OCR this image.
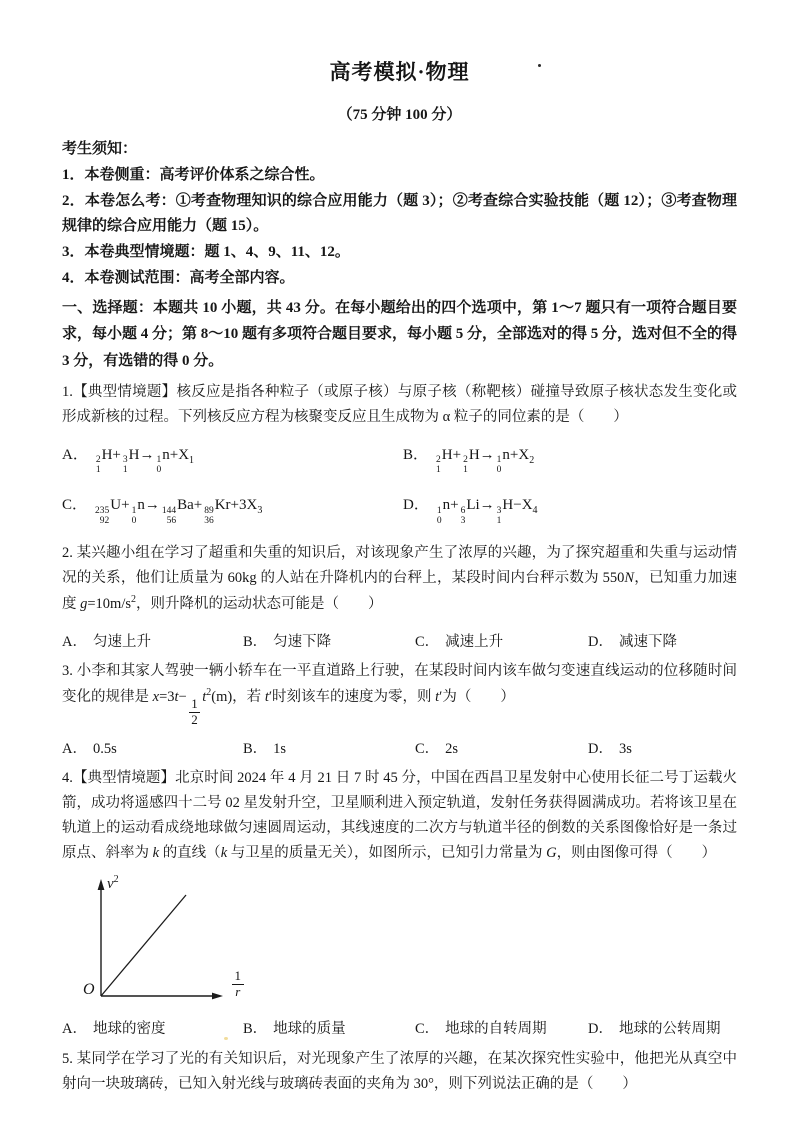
高考模拟·物理
（75 分钟 100 分）
考生须知：
1．本卷侧重：高考评价体系之综合性。
2．本卷怎么考：①考查物理知识的综合应用能力（题 3）；②考查综合实验技能（题 12）；③考查物理规律的综合应用能力（题 15）。
3．本卷典型情境题：题 1、4、9、11、12。
4．本卷测试范围：高考全部内容。

一、选择题：本题共 10 小题，共 43 分。在每小题给出的四个选项中，第 1～7 题只有一项符合题目要求，每小题 4 分；第 8～10 题有多项符合题目要求，每小题 5 分，全部选对的得 5 分，选对但不全的得 3 分，有选错的得 0 分。

1.【典型情境题】核反应是指各种粒子（或原子核）与原子核（称靶核）碰撞导致原子核状态发生变化或形成新核的过程。下列核反应方程为核聚变反应且生成物为 α 粒子的同位素的是（　　）

A． 2
1
H+ 3
1
H→ 1
0
$n+X_1$	B． 2
1
H+ 2
1
H→ 1
0
$n+X_2$
C． 235
92
U+ 1
0
n→ 144
56
Ba+ 89
36
$Kr+3X_3$	D． 1
0
n+ 6
3
Li→ 3
1
$H-X_4$

2. 某兴趣小组在学习了超重和失重的知识后，对该现象产生了浓厚的兴趣，为了探究超重和失重与运动情况的关系，他们让质量为 60kg 的人站在升降机内的台秤上，某段时间内台秤示数为 550N，已知重力加速度 $g=10m/s^2$，则升降机的运动状态可能是（　　）

A． 匀速上升	B． 匀速下降	C． 减速上升	D． 减速下降

3. 小李和其家人驾驶一辆小轿车在一平直道路上行驶，在某段时间内该车做匀变速直线运动的位移随时间变化的规律是 x=3t−
$\frac{1}{2}$
$t^2(m)$，若 t′时刻该车的速度为零，则 t′为（　　）

A． 0.5s	B． 1s	C． 2s	D． 3s

4.【典型情境题】北京时间 2024 年 4 月 21 日 7 时 45 分，中国在西昌卫星发射中心使用长征二号丁运载火箭，成功将遥感四十二号 02 星发射升空，卫星顺利进入预定轨道，发射任务获得圆满成功。若将该卫星在轨道上的运动看成绕地球做匀速圆周运动，其线速度的二次方与轨道半径的倒数的关系图像恰好是一条过原点、斜率为 k 的直线（k 与卫星的质量无关），如图所示，已知引力常量为 G，则由图像可得（　　）

$v^2$
$\frac{1}{r}$
O
A． 地球的密度	B． 地球的质量	C． 地球的自转周期	D． 地球的公转周期

5. 某同学在学习了光的有关知识后，对光现象产生了浓厚的兴趣，在某次探究性实验中，他把光从真空中射向一块玻璃砖，已知入射光线与玻璃砖表面的夹角为 30°，则下列说法正确的是（　　）
